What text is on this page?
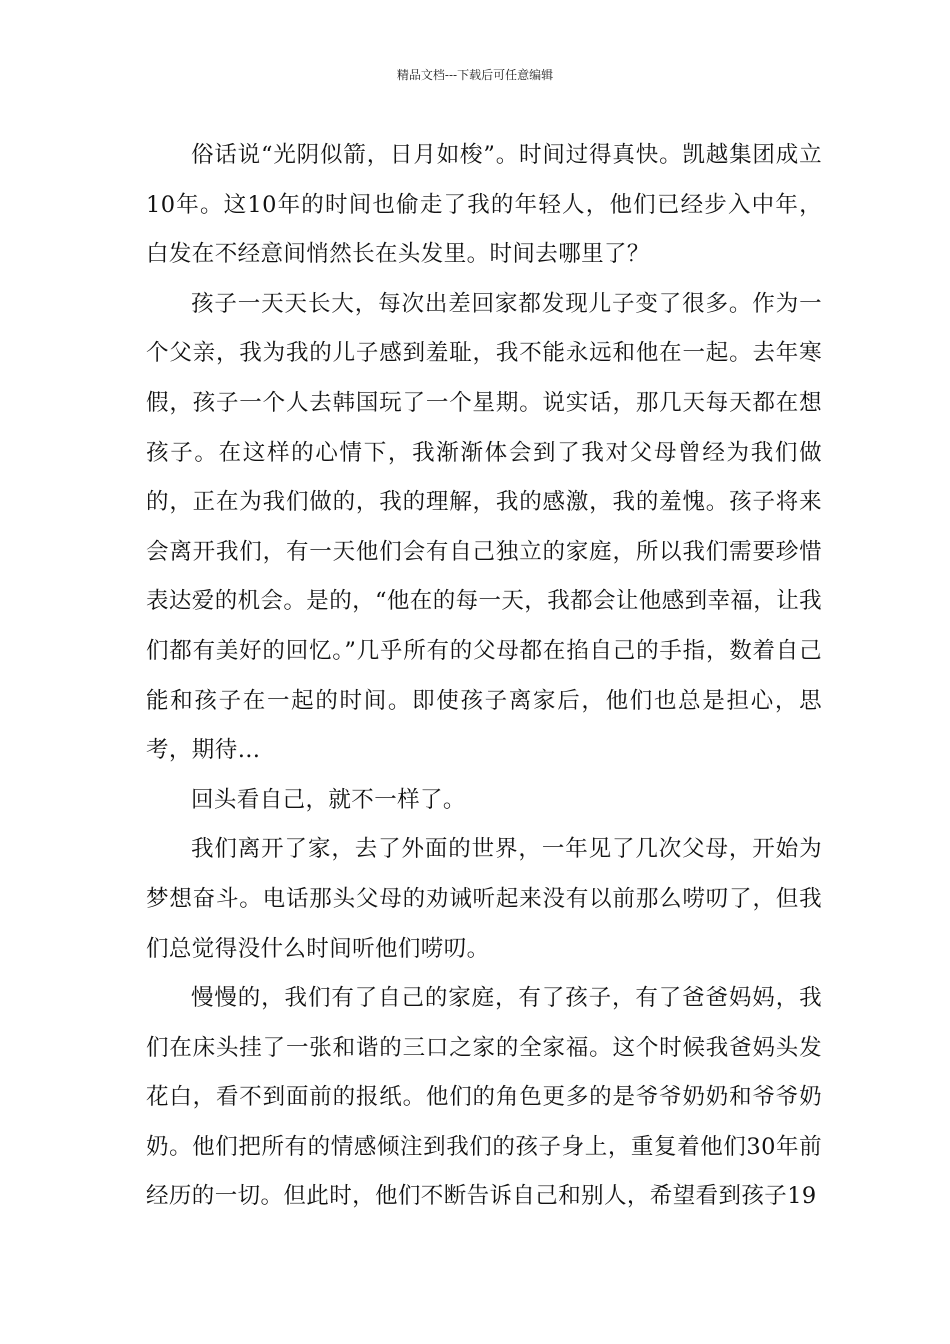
精品文档---下载后可任意编辑

俗话说“光阴似箭，日月如梭”。时间过得真快。凯越集团成立10年。这10年的时间也偷走了我的年轻人，他们已经步入中年，白发在不经意间悄然长在头发里。时间去哪里了？

孩子一天天长大，每次出差回家都发现儿子变了很多。作为一个父亲，我为我的儿子感到羞耻，我不能永远和他在一起。去年寒假，孩子一个人去韩国玩了一个星期。说实话，那几天每天都在想孩子。在这样的心情下，我渐渐体会到了我对父母曾经为我们做的，正在为我们做的，我的理解，我的感激，我的羞愧。孩子将来会离开我们，有一天他们会有自己独立的家庭，所以我们需要珍惜表达爱的机会。是的，“他在的每一天，我都会让他感到幸福，让我们都有美好的回忆。”几乎所有的父母都在掐自己的手指，数着自己能和孩子在一起的时间。即使孩子离家后，他们也总是担心，思考，期待…

回头看自己，就不一样了。

我们离开了家，去了外面的世界，一年见了几次父母，开始为梦想奋斗。电话那头父母的劝诫听起来没有以前那么唠叨了，但我们总觉得没什么时间听他们唠叨。

慢慢的，我们有了自己的家庭，有了孩子，有了爸爸妈妈，我们在床头挂了一张和谐的三口之家的全家福。这个时候我爸妈头发花白，看不到面前的报纸。他们的角色更多的是爷爷奶奶和爷爷奶奶。他们把所有的情感倾注到我们的孩子身上，重复着他们30年前经历的一切。但此时，他们不断告诉自己和别人，希望看到孩子19
